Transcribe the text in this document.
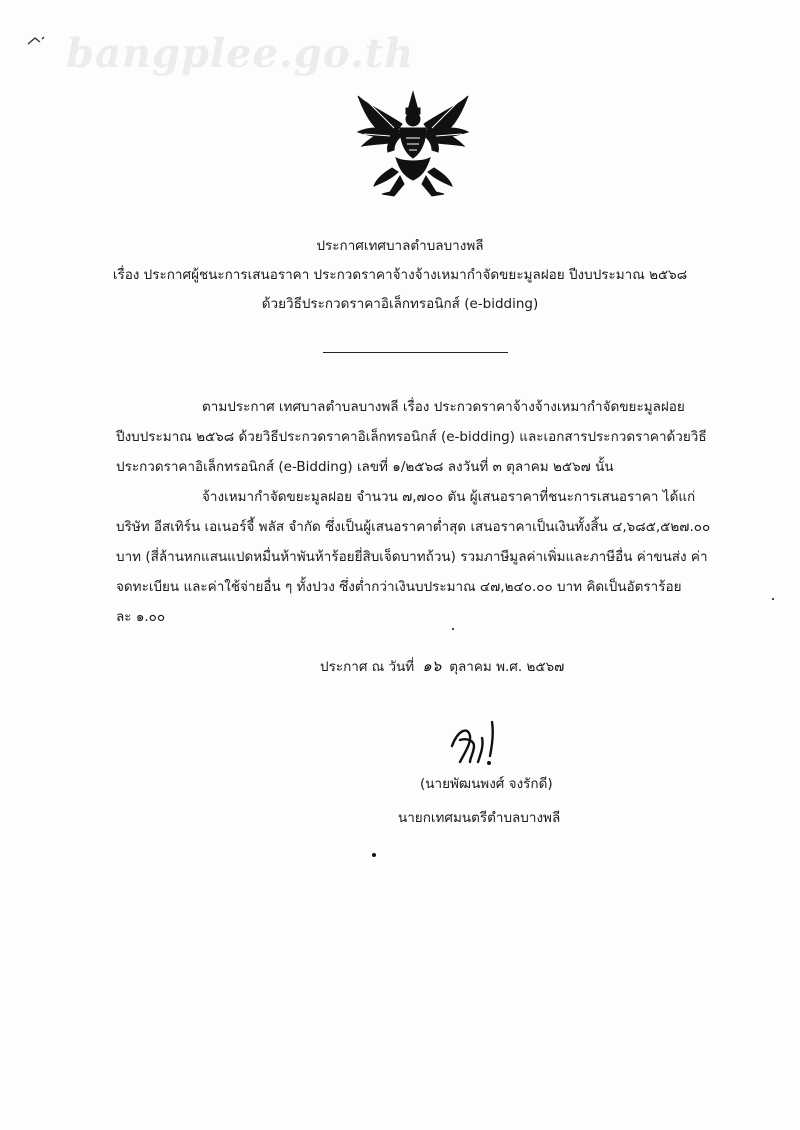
bangplee.go.th
ประกาศเทศบาลตำบลบางพลี
เรื่อง ประกาศผู้ชนะการเสนอราคา ประกวดราคาจ้างจ้างเหมากำจัดขยะมูลฝอย ปีงบประมาณ ๒๕๖๘
ด้วยวิธีประกวดราคาอิเล็กทรอนิกส์ (e-bidding)
ตามประกาศ เทศบาลตำบลบางพลี เรื่อง ประกวดราคาจ้างจ้างเหมากำจัดขยะมูลฝอย
ปีงบประมาณ ๒๕๖๘ ด้วยวิธีประกวดราคาอิเล็กทรอนิกส์ (e-bidding) และเอกสารประกวดราคาด้วยวิธี
ประกวดราคาอิเล็กทรอนิกส์ (e-Bidding) เลขที่ ๑/๒๕๖๘ ลงวันที่ ๓ ตุลาคม ๒๕๖๗ นั้น
จ้างเหมากำจัดขยะมูลฝอย จำนวน ๗,๗๐๐ ตัน ผู้เสนอราคาที่ชนะการเสนอราคา ได้แก่
บริษัท อีสเทิร์น เอเนอร์จี้ พลัส จำกัด ซึ่งเป็นผู้เสนอราคาต่ำสุด เสนอราคาเป็นเงินทั้งสิ้น ๔,๖๘๕,๕๒๗.๐๐
บาท (สี่ล้านหกแสนแปดหมื่นห้าพันห้าร้อยยี่สิบเจ็ดบาทถ้วน) รวมภาษีมูลค่าเพิ่มและภาษีอื่น ค่าขนส่ง ค่า
จดทะเบียน และค่าใช้จ่ายอื่น ๆ ทั้งปวง ซึ่งต่ำกว่าเงินบประมาณ ๔๗,๒๔๐.๐๐ บาท คิดเป็นอัตราร้อย
ละ ๑.๐๐
ประกาศ ณ วันที่ ๑๖ ตุลาคม พ.ศ. ๒๕๖๗
(นายพัฒนพงศ์ จงรักดี)
นายกเทศมนตรีตำบลบางพลี
